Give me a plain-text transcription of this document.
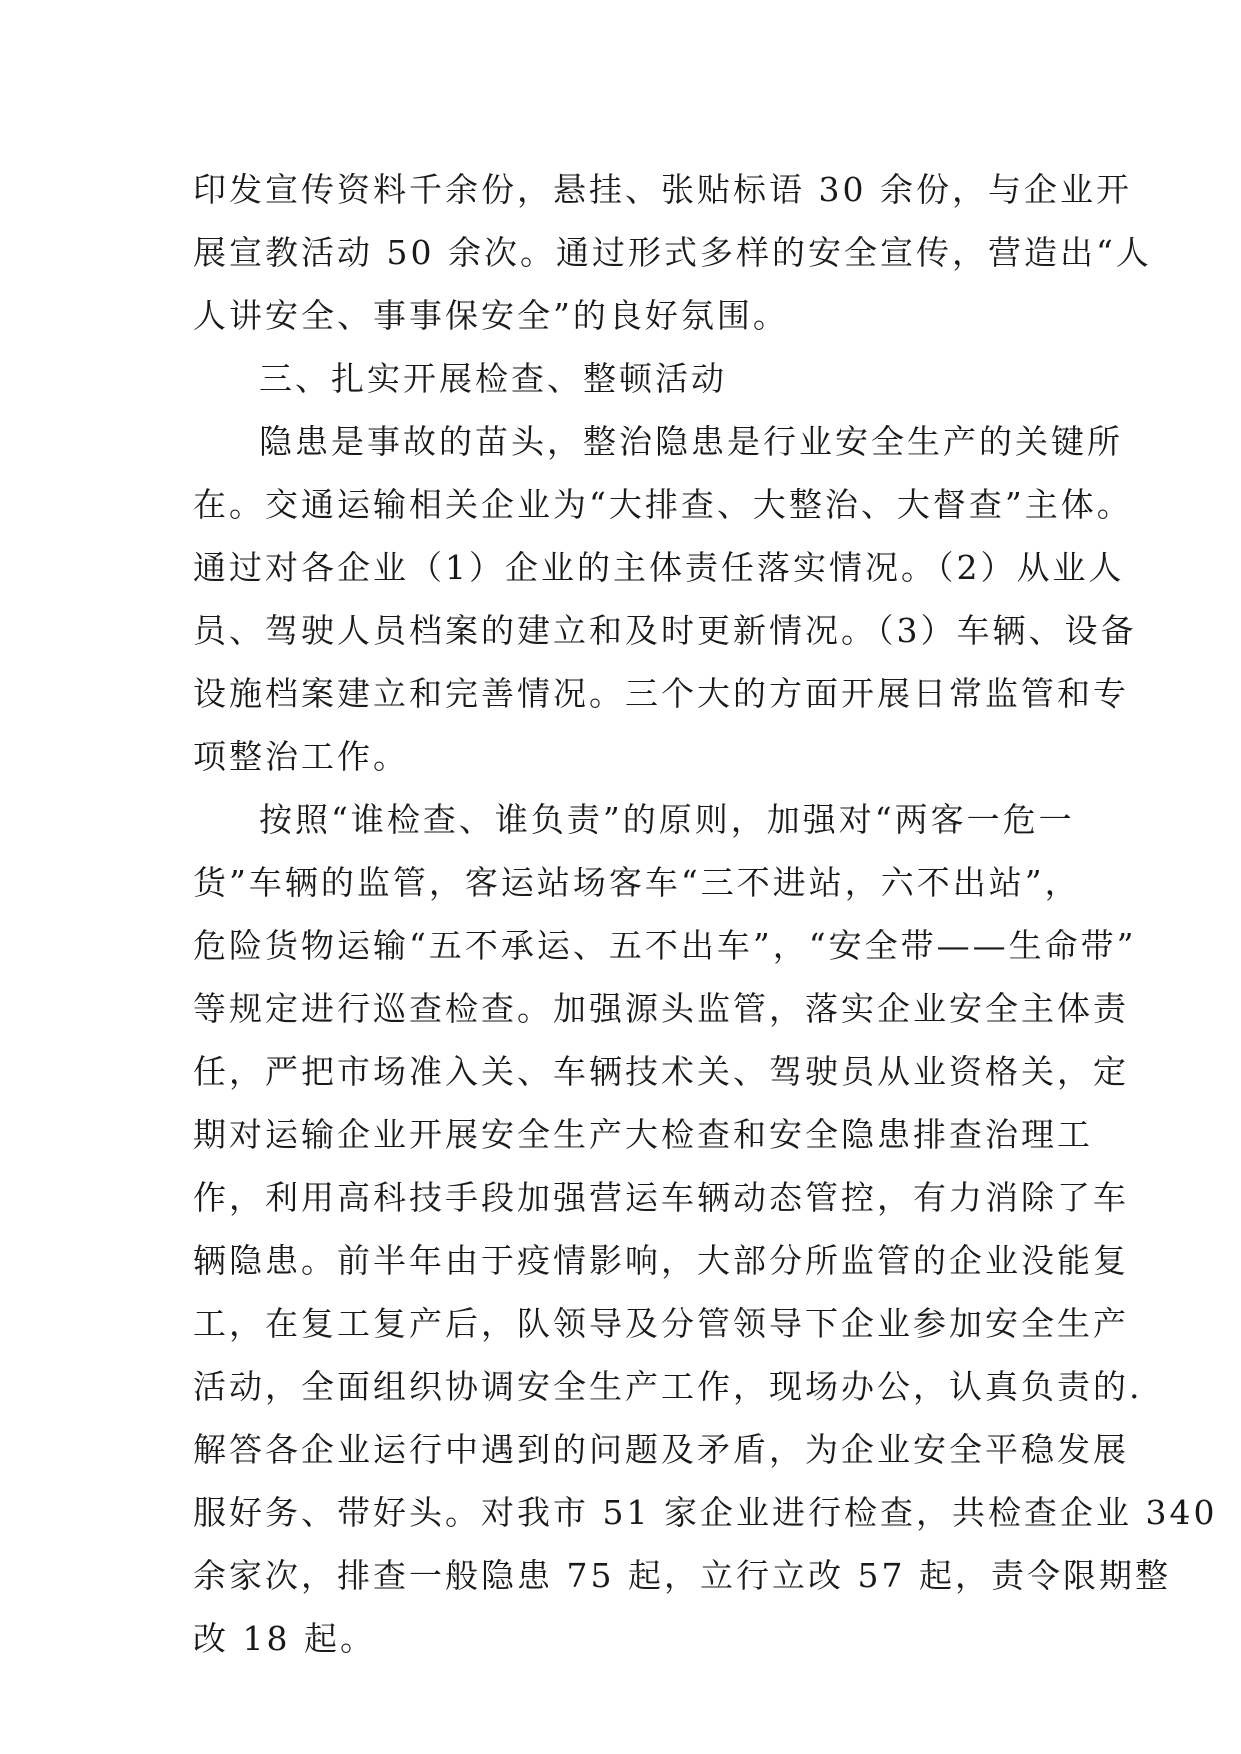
印发宣传资料千余份，悬挂、张贴标语 30 余份，与企业开
展宣教活动 50 余次。通过形式多样的安全宣传，营造出“人
人讲安全、事事保安全”的良好氛围。
三、扎实开展检查、整顿活动
隐患是事故的苗头，整治隐患是行业安全生产的关键所
在。交通运输相关企业为“大排查、大整治、大督查”主体。
通过对各企业（1）企业的主体责任落实情况。（2）从业人
员、驾驶人员档案的建立和及时更新情况。（3）车辆、设备
设施档案建立和完善情况。三个大的方面开展日常监管和专
项整治工作。
按照“谁检查、谁负责”的原则，加强对“两客一危一
货”车辆的监管，客运站场客车“三不进站，六不出站”，
危险货物运输“五不承运、五不出车”，“安全带——生命带”
等规定进行巡查检查。加强源头监管，落实企业安全主体责
任，严把市场准入关、车辆技术关、驾驶员从业资格关，定
期对运输企业开展安全生产大检查和安全隐患排查治理工
作，利用高科技手段加强营运车辆动态管控，有力消除了车
辆隐患。前半年由于疫情影响，大部分所监管的企业没能复
工，在复工复产后，队领导及分管领导下企业参加安全生产
活动，全面组织协调安全生产工作，现场办公，认真负责的.
解答各企业运行中遇到的问题及矛盾，为企业安全平稳发展
服好务、带好头。对我市 51 家企业进行检查，共检查企业 340
余家次，排查一般隐患 75 起，立行立改 57 起，责令限期整
改 18 起。
